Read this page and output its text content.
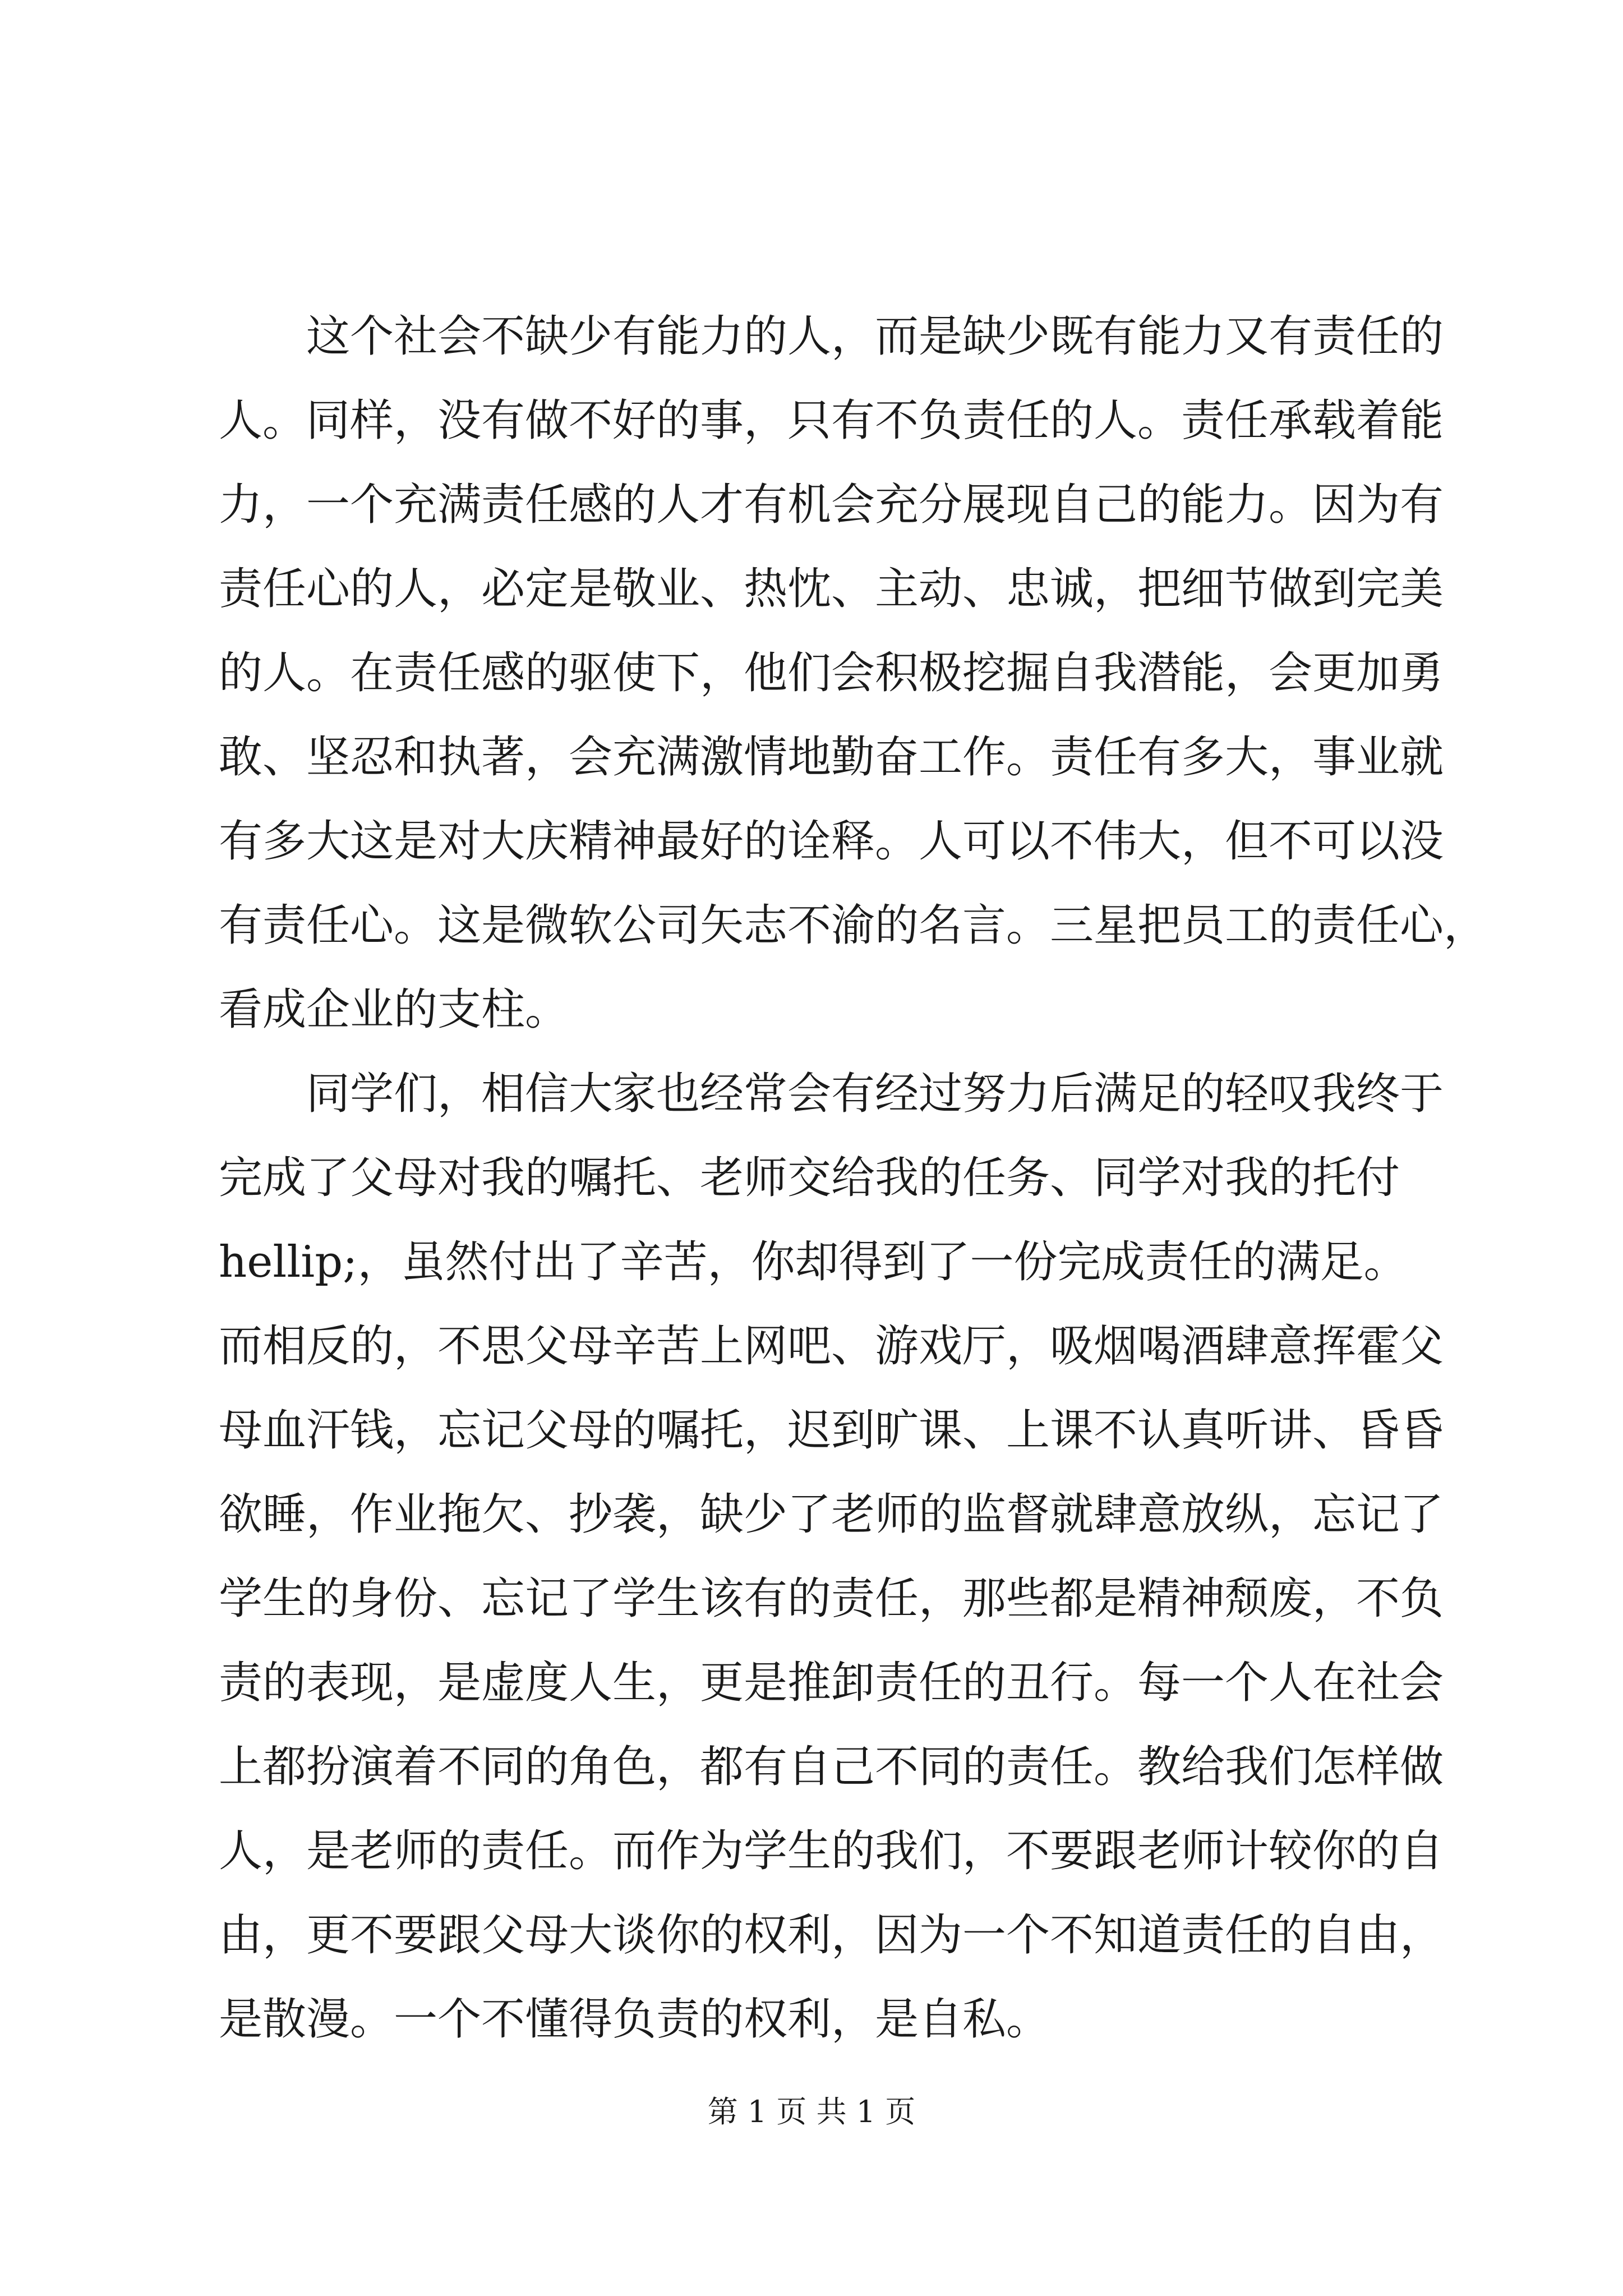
这个社会不缺少有能力的人，而是缺少既有能力又有责任的
人。同样，没有做不好的事，只有不负责任的人。责任承载着能
力，一个充满责任感的人才有机会充分展现自己的能力。因为有
责任心的人，必定是敬业、热忱、主动、忠诚，把细节做到完美
的人。在责任感的驱使下，他们会积极挖掘自我潜能，会更加勇
敢、坚忍和执著，会充满激情地勤奋工作。责任有多大，事业就
有多大这是对大庆精神最好的诠释。人可以不伟大，但不可以没
有责任心。这是微软公司矢志不渝的名言。三星把员工的责任心，
看成企业的支柱。
同学们，相信大家也经常会有经过努力后满足的轻叹我终于
完成了父母对我的嘱托、老师交给我的任务、同学对我的托付
hellip;，虽然付出了辛苦，你却得到了一份完成责任的满足。
而相反的，不思父母辛苦上网吧、游戏厅，吸烟喝酒肆意挥霍父
母血汗钱，忘记父母的嘱托，迟到旷课、上课不认真听讲、昏昏
欲睡，作业拖欠、抄袭，缺少了老师的监督就肆意放纵，忘记了
学生的身份、忘记了学生该有的责任，那些都是精神颓废，不负
责的表现，是虚度人生，更是推卸责任的丑行。每一个人在社会
上都扮演着不同的角色，都有自己不同的责任。教给我们怎样做
人，是老师的责任。而作为学生的我们，不要跟老师计较你的自
由，更不要跟父母大谈你的权利，因为一个不知道责任的自由，
是散漫。一个不懂得负责的权利，是自私。
第 1 页 共 1 页
